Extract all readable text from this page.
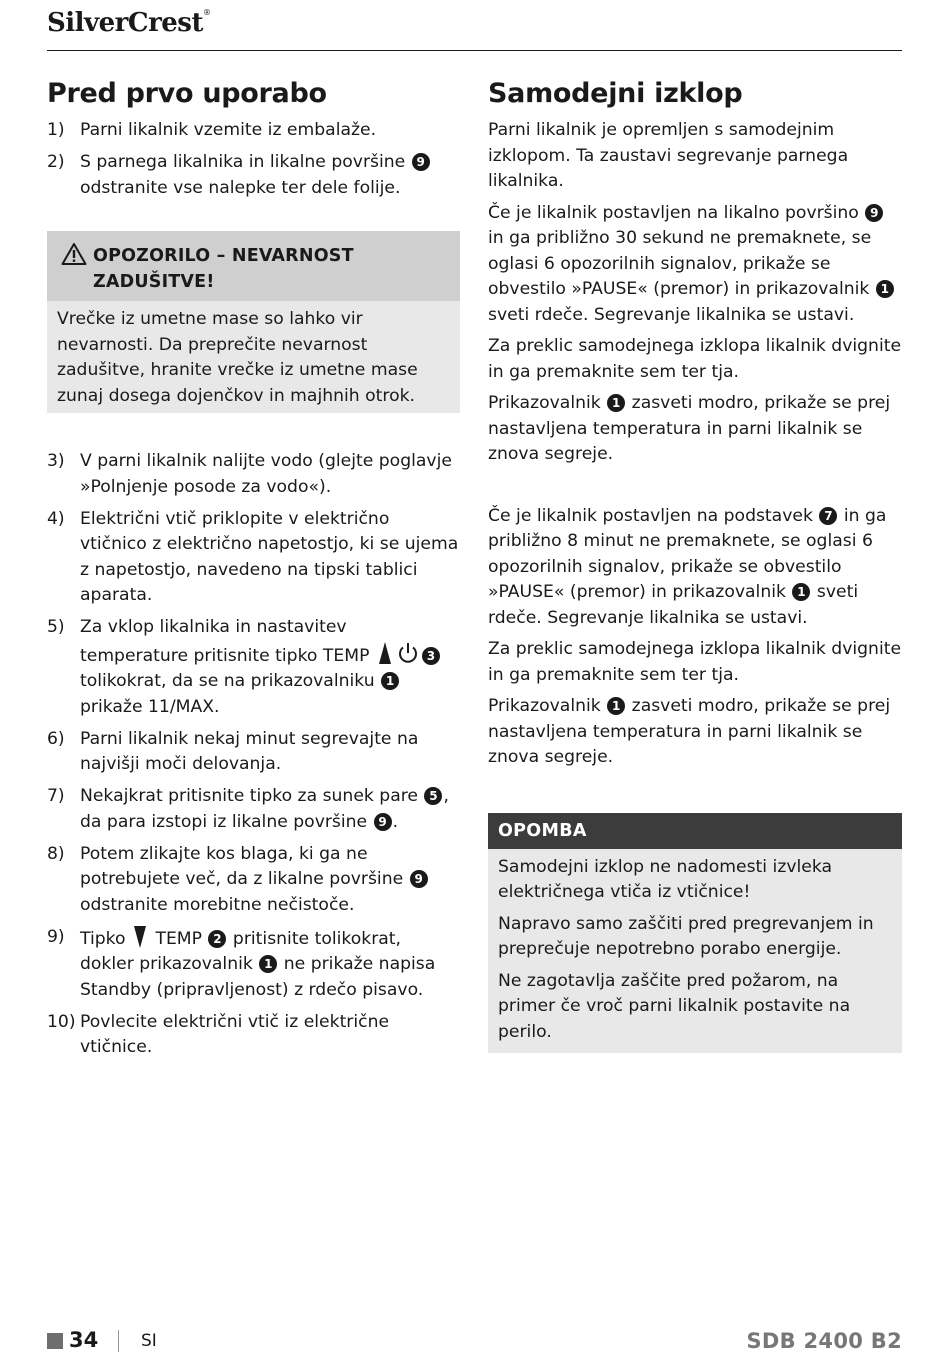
SilverCrest®
Pred prvo uporabo
1) Parni likalnik vzemite iz embalaže.
2) S parnega likalnika in likalne površine 9 odstranite vse nalepke ter dele folije.
OPOZORILO – NEVARNOST ZADUŠITVE!

Vrečke iz umetne mase so lahko vir nevarnosti. Da preprečite nevarnost zadušitve, hranite vrečke iz umetne mase zunaj dosega dojenčkov in majhnih otrok.

3) V parni likalnik nalijte vodo (glejte poglavje »Polnjenje posode za vodo«).
4) Električni vtič priklopite v električno vtičnico z električno napetostjo, ki se ujema z napetostjo, navedeno na tipski tablici aparata.
5) Za vklop likalnika in nastavitev temperature pritisnite tipko TEMP	3 tolikokrat, da se na prikazovalniku 1 prikaže 11/MAX.
6) Parni likalnik nekaj minut segrevajte na najvišji moči delovanja.
7) Nekajkrat pritisnite tipko za sunek pare 5 , da para izstopi iz likalne površine 9 .
8) Potem zlikajte kos blaga, ki ga ne potrebujete več, da z likalne površine 9 odstranite morebitne nečistoče.
9) Tipko  TEMP 2 pritisnite tolikokrat, dokler prikazovalnik 1 ne prikaže napisa Standby (pripravljenost) z rdečo pisavo.
10) Povlecite električni vtič iz električne vtičnice.
Samodejni izklop

Parni likalnik je opremljen s samodejnim izklopom. Ta zaustavi segrevanje parnega likalnika.

Če je likalnik postavljen na likalno površino 9 in ga približno 30 sekund ne premaknete, se oglasi 6 opozorilnih signalov, prikaže se obvestilo »PAUSE« (premor) in prikazovalnik 1 sveti rdeče. Segrevanje likalnika se ustavi.

Za preklic samodejnega izklopa likalnik dvignite in ga premaknite sem ter tja.

Prikazovalnik 1 zasveti modro, prikaže se prej nastavljena temperatura in parni likalnik se znova segreje.

Če je likalnik postavljen na podstavek 7 in ga približno 8 minut ne premaknete, se oglasi 6 opozorilnih signalov, prikaže se obvestilo »PAUSE« (premor) in prikazovalnik 1 sveti rdeče. Segrevanje likalnika se ustavi.

Za preklic samodejnega izklopa likalnik dvignite in ga premaknite sem ter tja.

Prikazovalnik 1 zasveti modro, prikaže se prej nastavljena temperatura in parni likalnik se znova segreje.

OPOMBA

Samodejni izklop ne nadomesti izvleka električnega vtiča iz vtičnice!

Napravo samo zaščiti pred pregrevanjem in preprečuje nepotrebno porabo energije.

Ne zagotavlja zaščite pred požarom, na primer če vroč parni likalnik postavite na perilo.

34	SI	SDB 2400 B2
